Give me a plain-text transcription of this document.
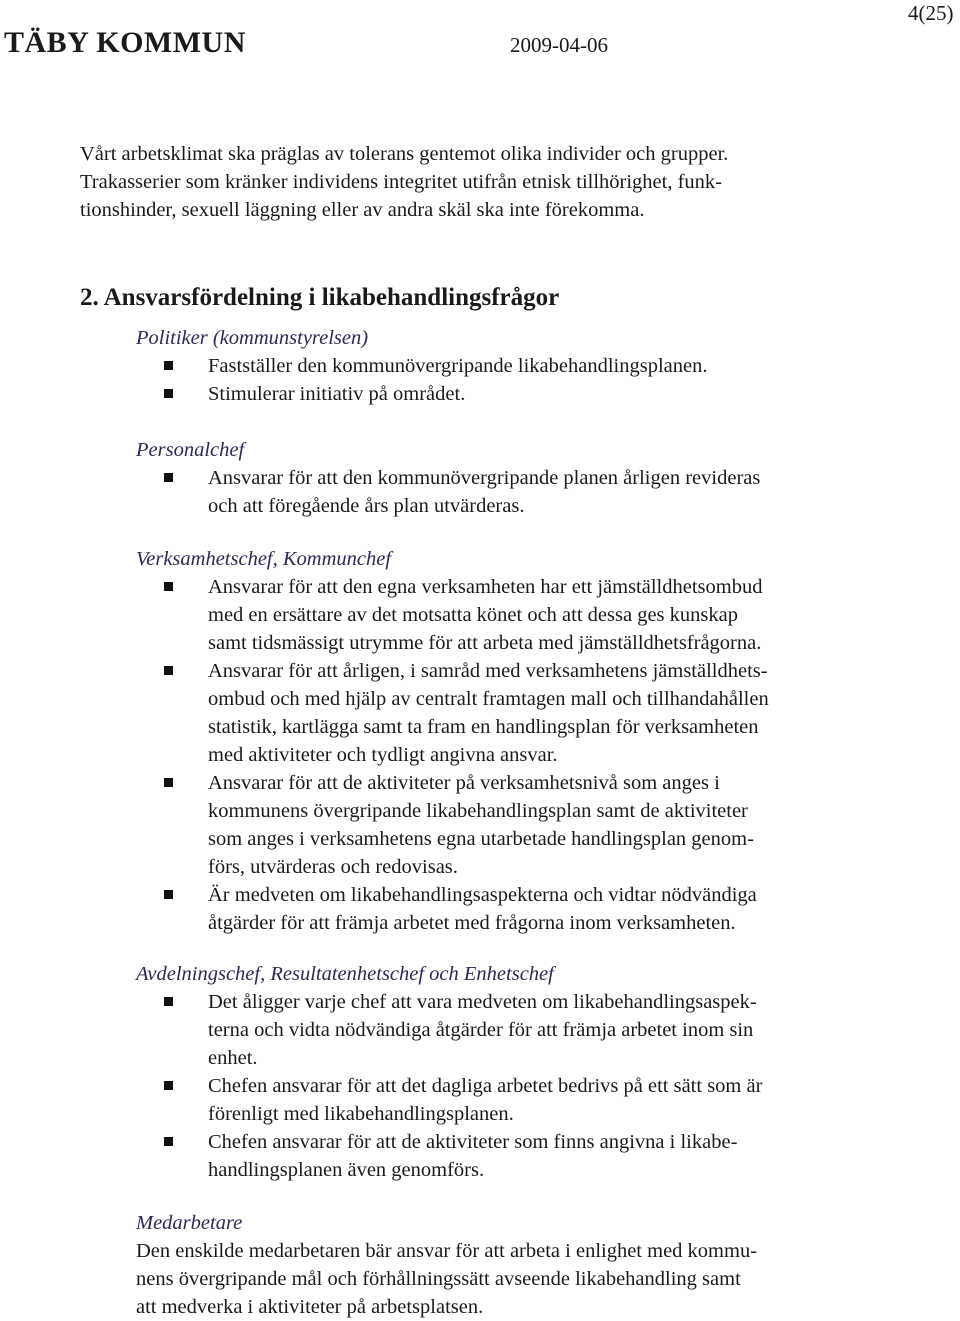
TÄBY KOMMUN	2009-04-06
4(25)
Vårt arbetsklimat ska präglas av tolerans gentemot olika individer och grupper.
Trakasserier som kränker individens integritet utifrån etnisk tillhörighet, funk-
tionshinder, sexuell läggning eller av andra skäl ska inte förekomma.
2. Ansvarsfördelning i likabehandlingsfrågor
Politiker (kommunstyrelsen)
Fastställer den kommunövergripande likabehandlingsplanen.
Stimulerar initiativ på området.
Personalchef
Ansvarar för att den kommunövergripande planen årligen revideras
och att föregående års plan utvärderas.
Verksamhetschef, Kommunchef
Ansvarar för att den egna verksamheten har ett jämställdhetsombud
med en ersättare av det motsatta könet och att dessa ges kunskap
samt tidsmässigt utrymme för att arbeta med jämställdhetsfrågorna.
Ansvarar för att årligen, i samråd med verksamhetens jämställdhets-
ombud och med hjälp av centralt framtagen mall och tillhandahållen
statistik, kartlägga samt ta fram en handlingsplan för verksamheten
med aktiviteter och tydligt angivna ansvar.
Ansvarar för att de aktiviteter på verksamhetsnivå som anges i
kommunens övergripande likabehandlingsplan samt de aktiviteter
som anges i verksamhetens egna utarbetade handlingsplan genom-
förs, utvärderas och redovisas.
Är medveten om likabehandlingsaspekterna och vidtar nödvändiga
åtgärder för att främja arbetet med frågorna inom verksamheten.
Avdelningschef, Resultatenhetschef och Enhetschef
Det åligger varje chef att vara medveten om likabehandlingsaspek-
terna och vidta nödvändiga åtgärder för att främja arbetet inom sin
enhet.
Chefen ansvarar för att det dagliga arbetet bedrivs på ett sätt som är
förenligt med likabehandlingsplanen.
Chefen ansvarar för att de aktiviteter som finns angivna i likabe-
handlingsplanen även genomförs.
Medarbetare
Den enskilde medarbetaren bär ansvar för att arbeta i enlighet med kommu-
nens övergripande mål och förhållningssätt avseende likabehandling samt
att medverka i aktiviteter på arbetsplatsen.
